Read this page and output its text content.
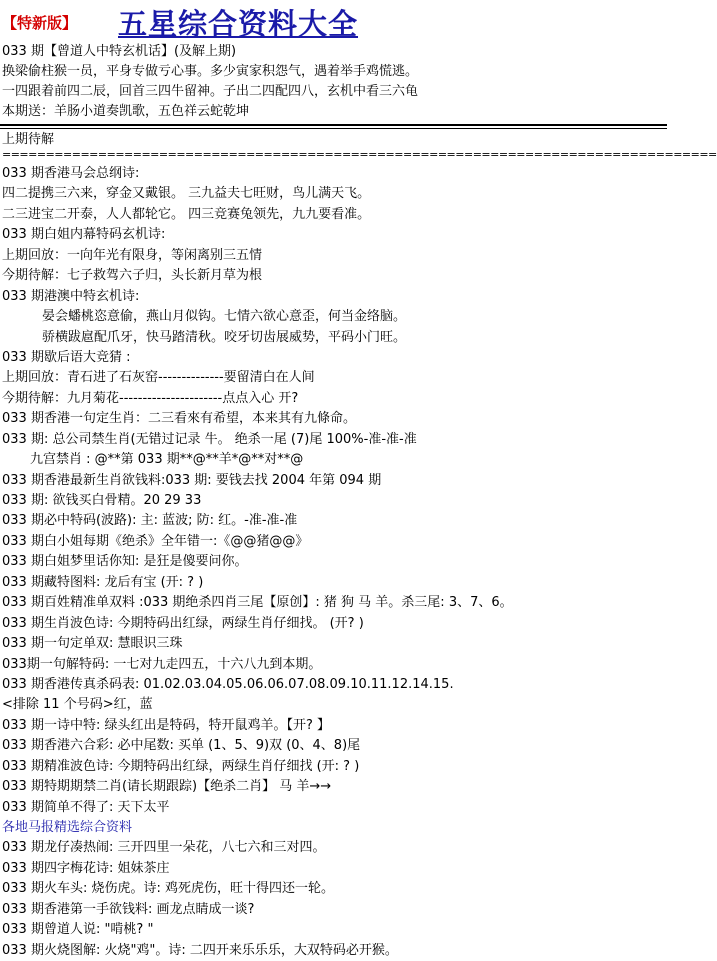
【特新版】 五星综合资料大全
033 期【曾道人中特玄机话】(及解上期)
换梁偷柱猴一员，平身专做亏心事。多少寅家积怨气，遇着举手鸡慌逃。
一四跟着前四二辰，回首三四牛留神。子出二四配四八，玄机中看三六龟
本期送：羊肠小道奏凯歌，五色祥云蛇乾坤
上期待解
==================================================================================
033 期香港马会总纲诗:
四二提携三六来，穿金又戴银。 三九益夫七旺财，鸟儿满天飞。
二三进宝二开泰，人人都轮它。 四三竞赛兔领先，九九要看准。
033 期白姐内幕特码玄机诗:
上期回放：一向年光有限身，等闲离别三五情
今期待解：七子救驾六子归，头长新月草为根
033 期港澳中特玄机诗:
晏会蟠桃恣意偷，燕山月似钩。七情六欲心意歪，何当金络脑。
骄横跋扈配爪牙，快马踏清秋。咬牙切齿展威势，平码小门旺。
033 期歇后语大竞猜 :
上期回放：青石进了石灰窑--------------要留清白在人间
今期待解：九月菊花----------------------点点入心 开?
033 期香港一句定生肖：二三看來有希望，本来其有九條命。
033 期: 总公司禁生肖(无错过记录 牛。 绝杀一尾 (7)尾 100%-准-准-准
九宫禁肖 : @**第 033 期**@**羊*@**对**@
033 期香港最新生肖欲钱料:033 期: 要钱去找 2004 年第 094 期
033 期: 欲钱买白骨精。20 29 33
033 期必中特码(波路): 主: 蓝波; 防: 红。-准-准-准
033 期白小姐每期《绝杀》全年错一:《@@猪@@》
033 期白姐梦里话你知: 是狂是傻要问你。
033 期藏特图料: 龙后有宝 (开: ? )
033 期百姓精准单双料 :033 期绝杀四肖三尾【原创】: 猪 狗 马 羊。杀三尾: 3、7、6。
033 期生肖波色诗: 今期特码出红绿，两绿生肖仔细找。 (开? )
033 期一句定单双: 慧眼识三珠
033期一句解特码: 一七对九走四五，十六八九到本期。
033 期香港传真杀码表: 01.02.03.04.05.06.06.07.08.09.10.11.12.14.15.
<排除 11 个号码>红，蓝
033 期一诗中特: 绿头红出是特码，特开鼠鸡羊。【开? 】
033 期香港六合彩: 必中尾数: 买单 (1、5、9)双 (0、4、8)尾
033 期精准波色诗: 今期特码出红绿，两绿生肖仔细找 (开: ? )
033 期特期期禁二肖(请长期跟踪)【绝杀二肖】 马 羊→→
033 期简单不得了: 天下太平
各地马报精选综合资料
033 期龙仔凑热闹: 三开四里一朵花，八七六和三对四。
033 期四字梅花诗: 姐妹茶庄
033 期火车头: 烧伤虎。诗: 鸡死虎伤，旺十得四还一轮。
033 期香港第一手欲钱料: 画龙点睛成一谈?
033 期曾道人说: "啃桃? "
033 期火烧图解: 火烧"鸡"。诗: 二四开来乐乐乐，大双特码必开猴。
